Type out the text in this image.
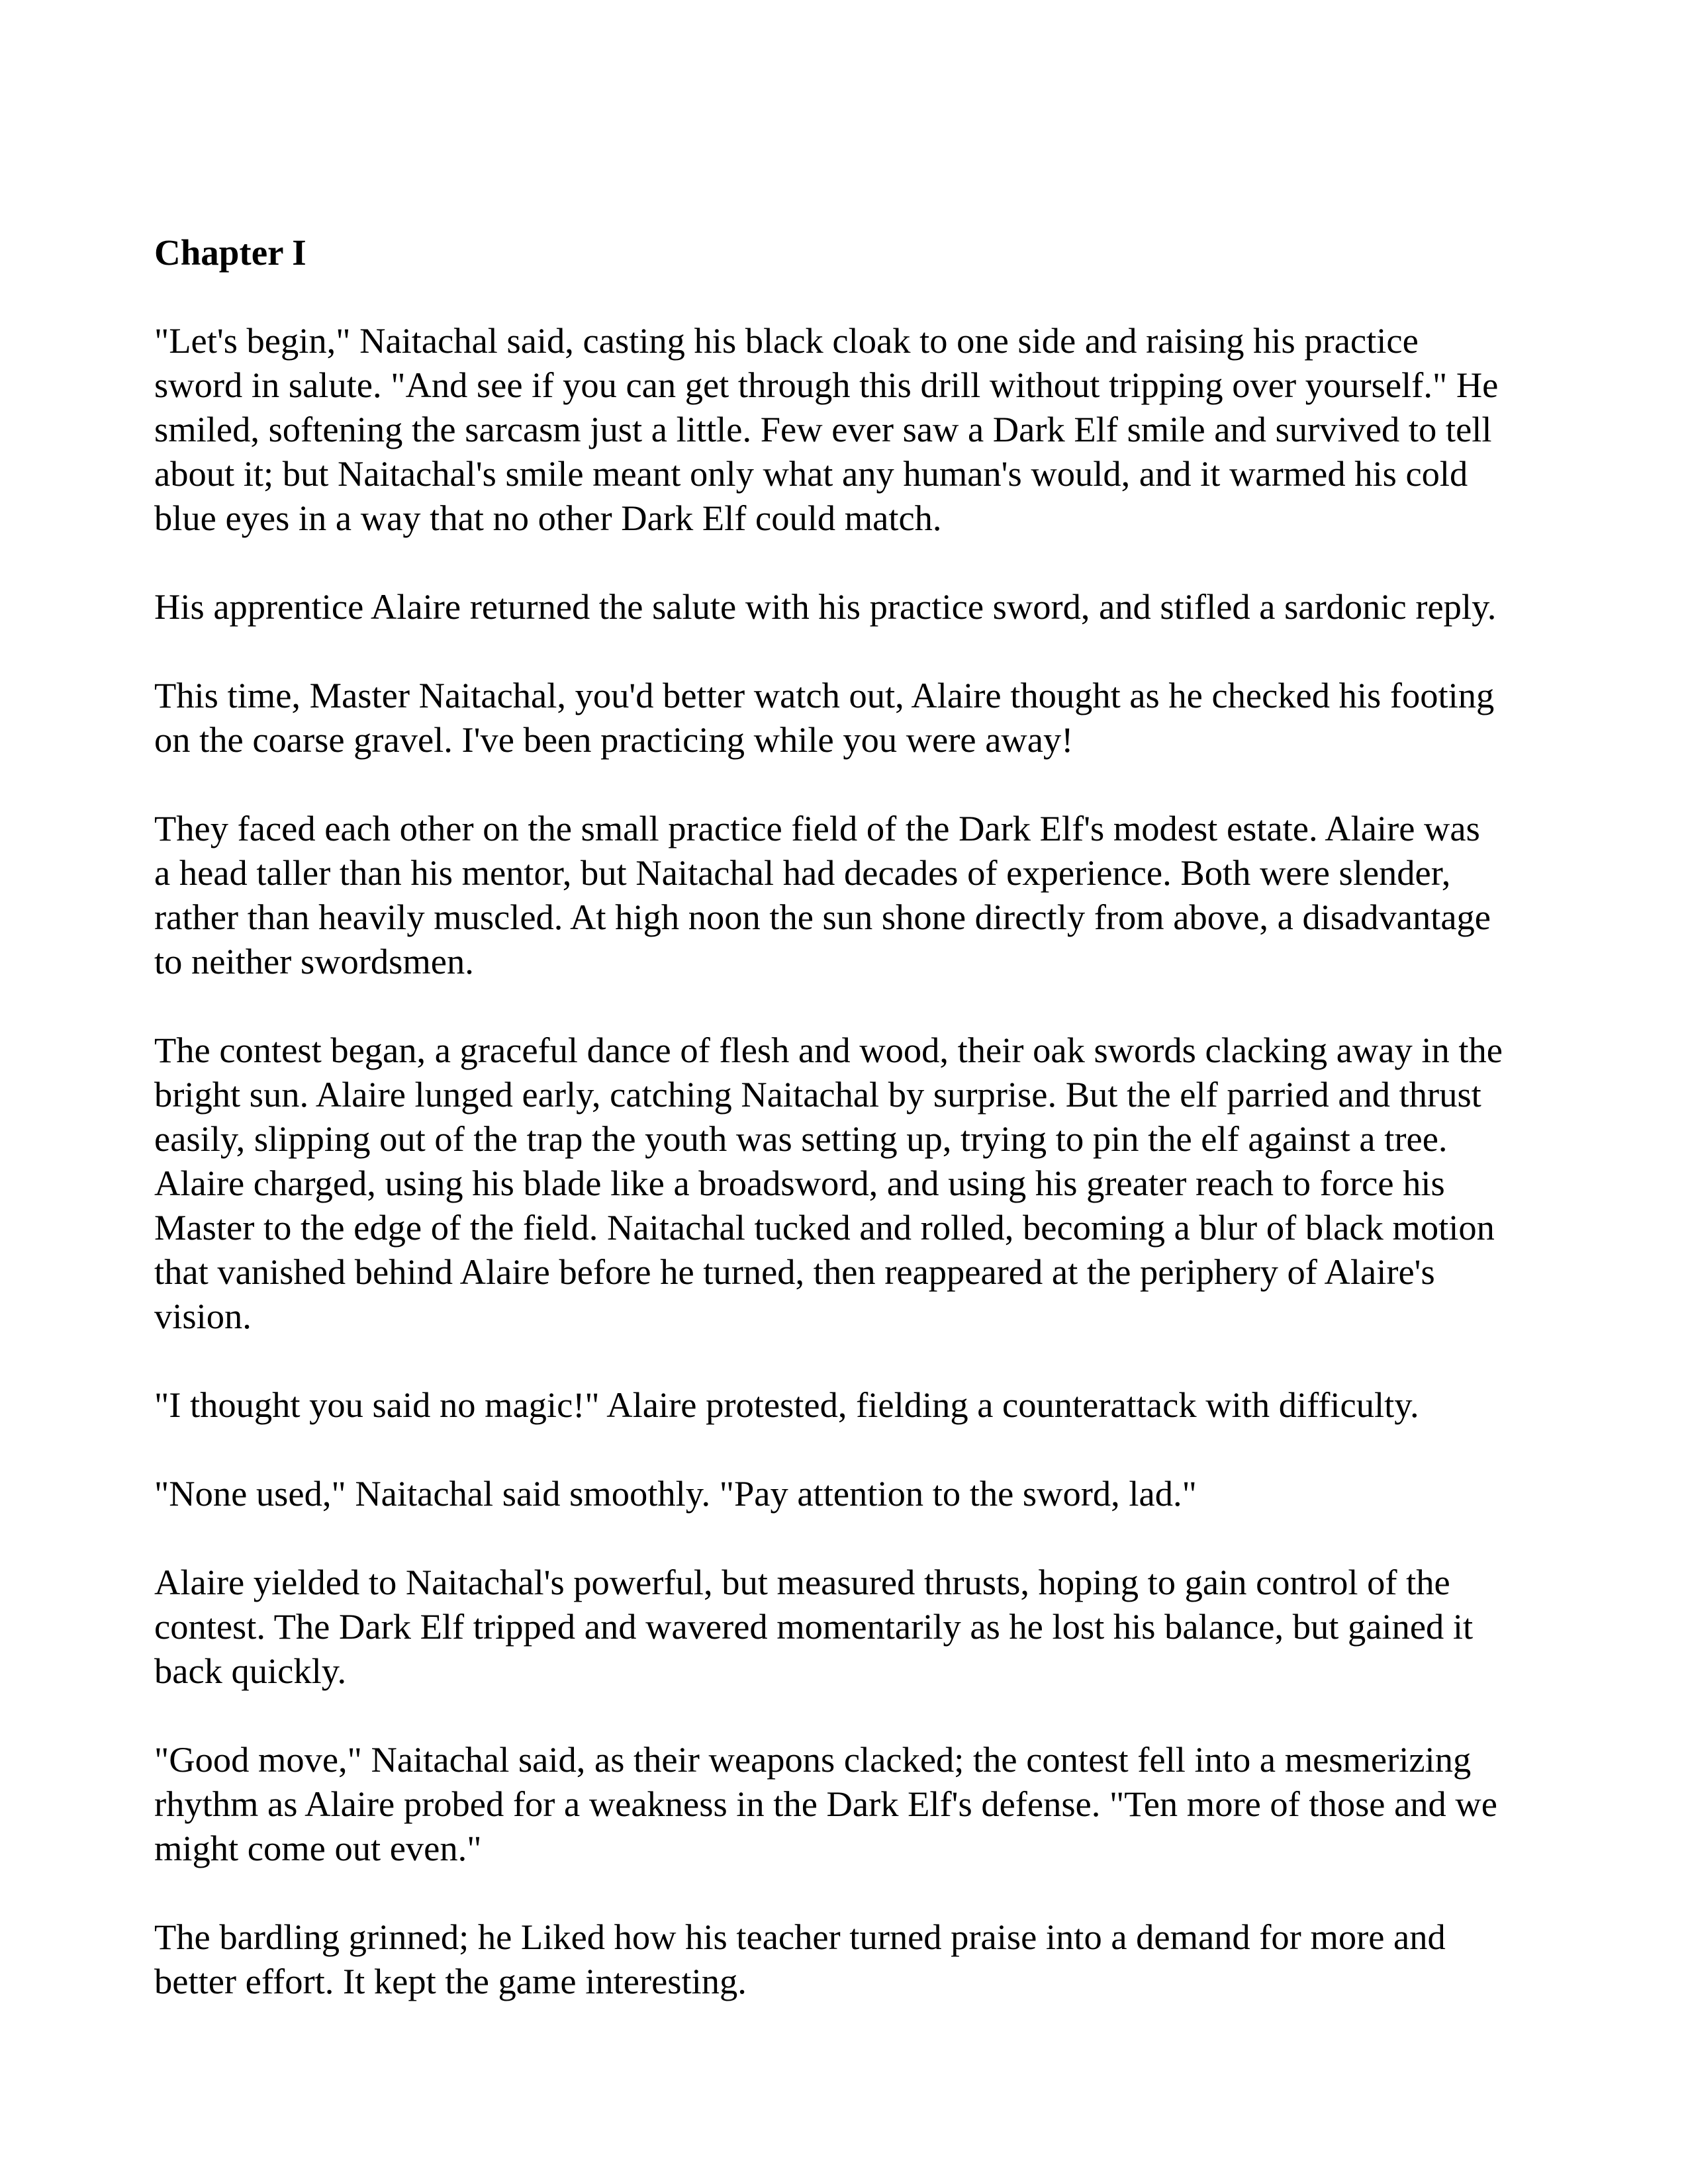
Chapter I

"Let's begin," Naitachal said, casting his black cloak to one side and raising his practice sword in salute. "And see if you can get through this drill without tripping over yourself." He smiled, softening the sarcasm just a little. Few ever saw a Dark Elf smile and survived to tell about it; but Naitachal's smile meant only what any human's would, and it warmed his cold blue eyes in a way that no other Dark Elf could match.

His apprentice Alaire returned the salute with his practice sword, and stifled a sardonic reply.

This time, Master Naitachal, you'd better watch out, Alaire thought as he checked his footing on the coarse gravel. I've been practicing while you were away!

They faced each other on the small practice field of the Dark Elf's modest estate. Alaire was a head taller than his mentor, but Naitachal had decades of experience. Both were slender, rather than heavily muscled. At high noon the sun shone directly from above, a disadvantage to neither swordsmen.

The contest began, a graceful dance of flesh and wood, their oak swords clacking away in the bright sun. Alaire lunged early, catching Naitachal by surprise. But the elf parried and thrust easily, slipping out of the trap the youth was setting up, trying to pin the elf against a tree. Alaire charged, using his blade like a broadsword, and using his greater reach to force his Master to the edge of the field. Naitachal tucked and rolled, becoming a blur of black motion that vanished behind Alaire before he turned, then reappeared at the periphery of Alaire's vision.

"I thought you said no magic!" Alaire protested, fielding a counterattack with difficulty.

"None used," Naitachal said smoothly. "Pay attention to the sword, lad."

Alaire yielded to Naitachal's powerful, but measured thrusts, hoping to gain control of the contest. The Dark Elf tripped and wavered momentarily as he lost his balance, but gained it back quickly.

"Good move," Naitachal said, as their weapons clacked; the contest fell into a mesmerizing rhythm as Alaire probed for a weakness in the Dark Elf's defense. "Ten more of those and we might come out even."

The bardling grinned; he Liked how his teacher turned praise into a demand for more and better effort. It kept the game interesting.
